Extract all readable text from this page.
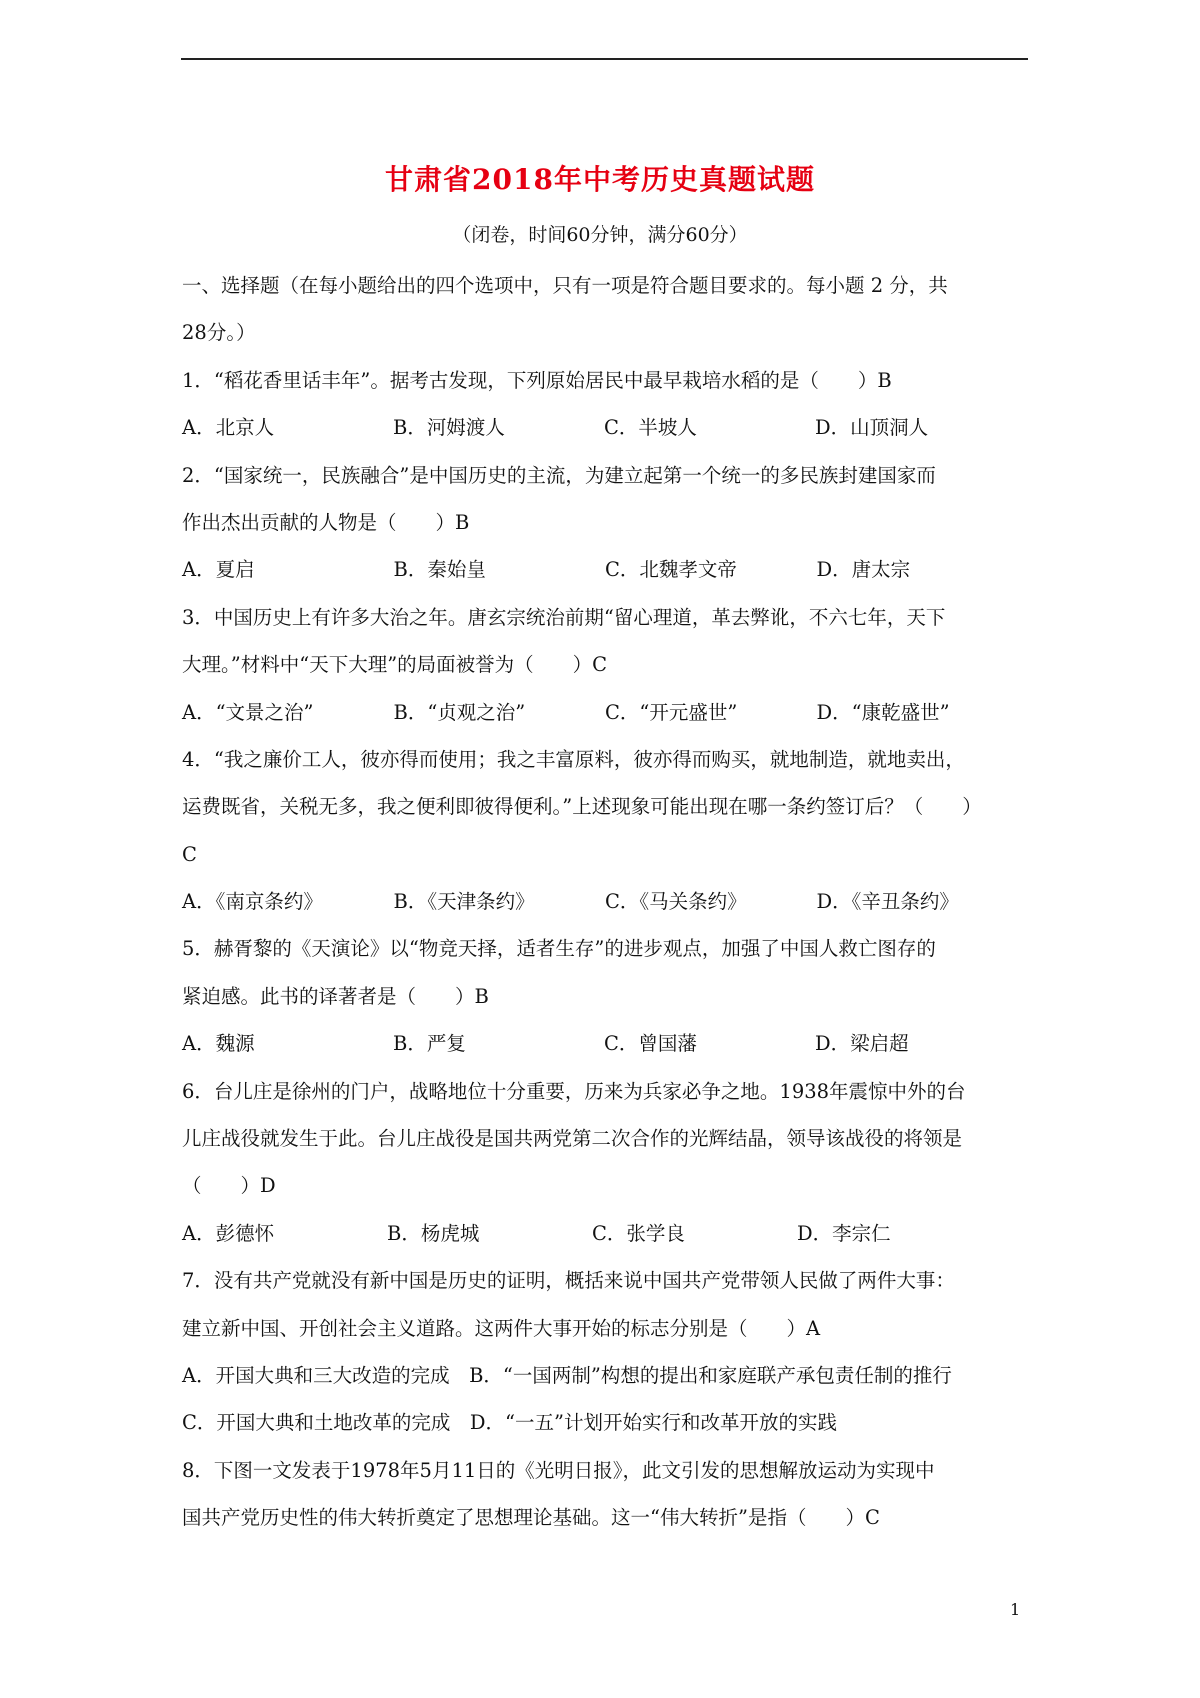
甘肃省2018年中考历史真题试题
（闭卷，时间60分钟，满分60分）
一、选择题（在每小题给出的四个选项中，只有一项是符合题目要求的。每小题 2 分，共
28分。）
1．“稻花香里话丰年”。据考古发现，下列原始居民中最早栽培水稻的是（　　）B
A．北京人	B．河姆渡人	C．半坡人	D．山顶洞人
2．“国家统一，民族融合”是中国历史的主流，为建立起第一个统一的多民族封建国家而
作出杰出贡献的人物是（　　）B
A．夏启	B．秦始皇	C．北魏孝文帝	D．唐太宗
3．中国历史上有许多大治之年。唐玄宗统治前期“留心理道，革去弊讹，不六七年，天下
大理。”材料中“天下大理”的局面被誉为（　　）C
A．“文景之治”	B．“贞观之治”	C．“开元盛世”	D．“康乾盛世”
4．“我之廉价工人，彼亦得而使用；我之丰富原料，彼亦得而购买，就地制造，就地卖出，
运费既省，关税无多，我之便利即彼得便利。”上述现象可能出现在哪一条约签订后？（　　）
C
A．《南京条约》	B．《天津条约》	C．《马关条约》	D．《辛丑条约》
5．赫胥黎的《天演论》以“物竞天择，适者生存”的进步观点，加强了中国人救亡图存的
紧迫感。此书的译著者是（　　）B
A．魏源	B．严复	C．曾国藩	D．梁启超
6．台儿庄是徐州的门户，战略地位十分重要，历来为兵家必争之地。1938年震惊中外的台
儿庄战役就发生于此。台儿庄战役是国共两党第二次合作的光辉结晶，领导该战役的将领是
（　　）D
A．彭德怀	B．杨虎城	C．张学良	D．李宗仁
7．没有共产党就没有新中国是历史的证明，概括来说中国共产党带领人民做了两件大事：
建立新中国、开创社会主义道路。这两件大事开始的标志分别是（　　）A
A．开国大典和三大改造的完成　B．“一国两制”构想的提出和家庭联产承包责任制的推行
C．开国大典和土地改革的完成　D．“一五”计划开始实行和改革开放的实践
8．下图一文发表于1978年5月11日的《光明日报》，此文引发的思想解放运动为实现中
国共产党历史性的伟大转折奠定了思想理论基础。这一“伟大转折”是指（　　）C
1
